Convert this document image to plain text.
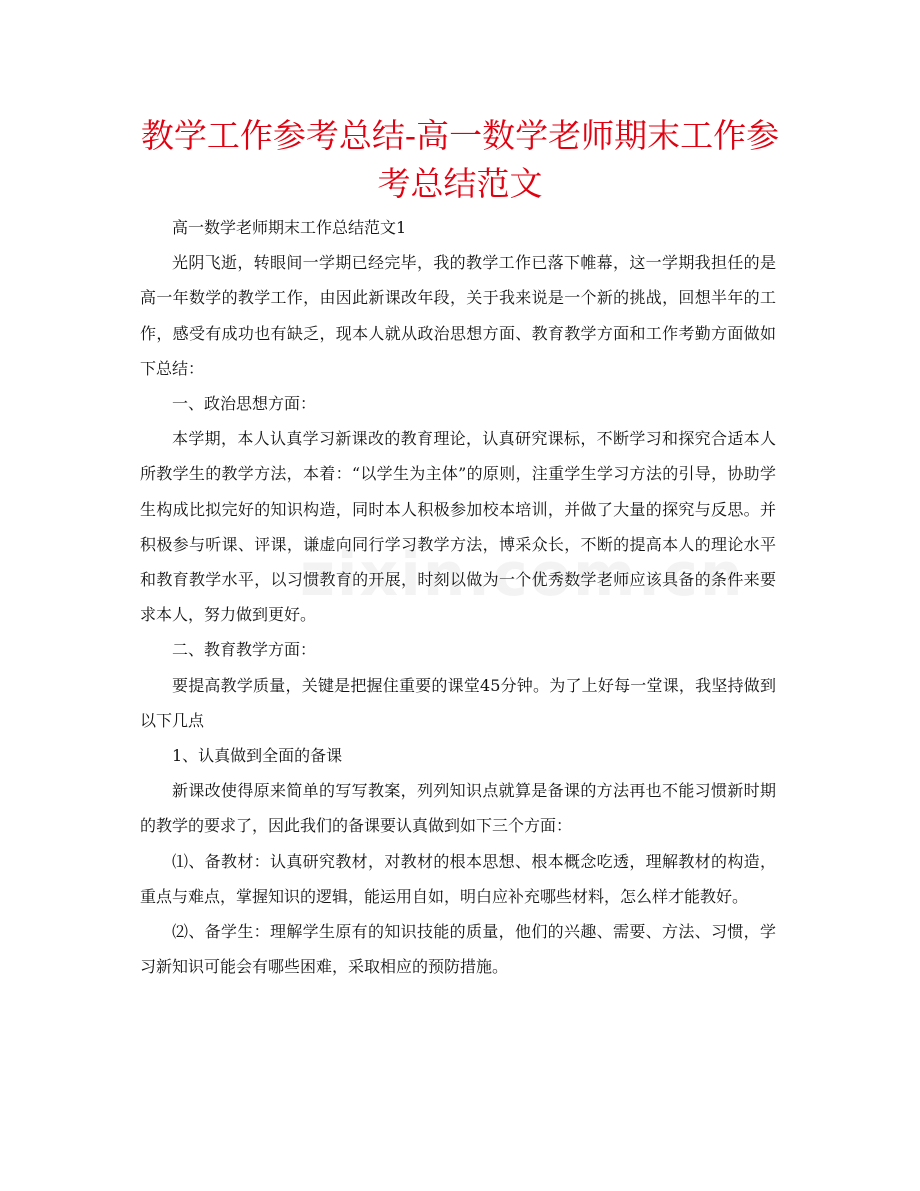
教学工作参考总结-高一数学老师期末工作参考总结范文

高一数学老师期末工作总结范文1

光阴飞逝，转眼间一学期已经完毕，我的教学工作已落下帷幕，这一学期我担任的是高一年数学的教学工作，由因此新课改年段，关于我来说是一个新的挑战，回想半年的工作，感受有成功也有缺乏，现本人就从政治思想方面、教育教学方面和工作考勤方面做如下总结：

一、政治思想方面：

本学期，本人认真学习新课改的教育理论，认真研究课标，不断学习和探究合适本人所教学生的教学方法，本着：“以学生为主体”的原则，注重学生学习方法的引导，协助学生构成比拟完好的知识构造，同时本人积极参加校本培训，并做了大量的探究与反思。并积极参与听课、评课，谦虚向同行学习教学方法，博采众长，不断的提高本人的理论水平和教育教学水平，以习惯教育的开展，时刻以做为一个优秀数学老师应该具备的条件来要求本人，努力做到更好。

二、教育教学方面：

要提高教学质量，关键是把握住重要的课堂45分钟。为了上好每一堂课，我坚持做到以下几点

1、认真做到全面的备课

新课改使得原来简单的写写教案，列列知识点就算是备课的方法再也不能习惯新时期的教学的要求了，因此我们的备课要认真做到如下三个方面：

⑴、备教材：认真研究教材，对教材的根本思想、根本概念吃透，理解教材的构造，重点与难点，掌握知识的逻辑，能运用自如，明白应补充哪些材料，怎么样才能教好。

⑵、备学生：理解学生原有的知识技能的质量，他们的兴趣、需要、方法、习惯，学习新知识可能会有哪些困难，采取相应的预防措施。
